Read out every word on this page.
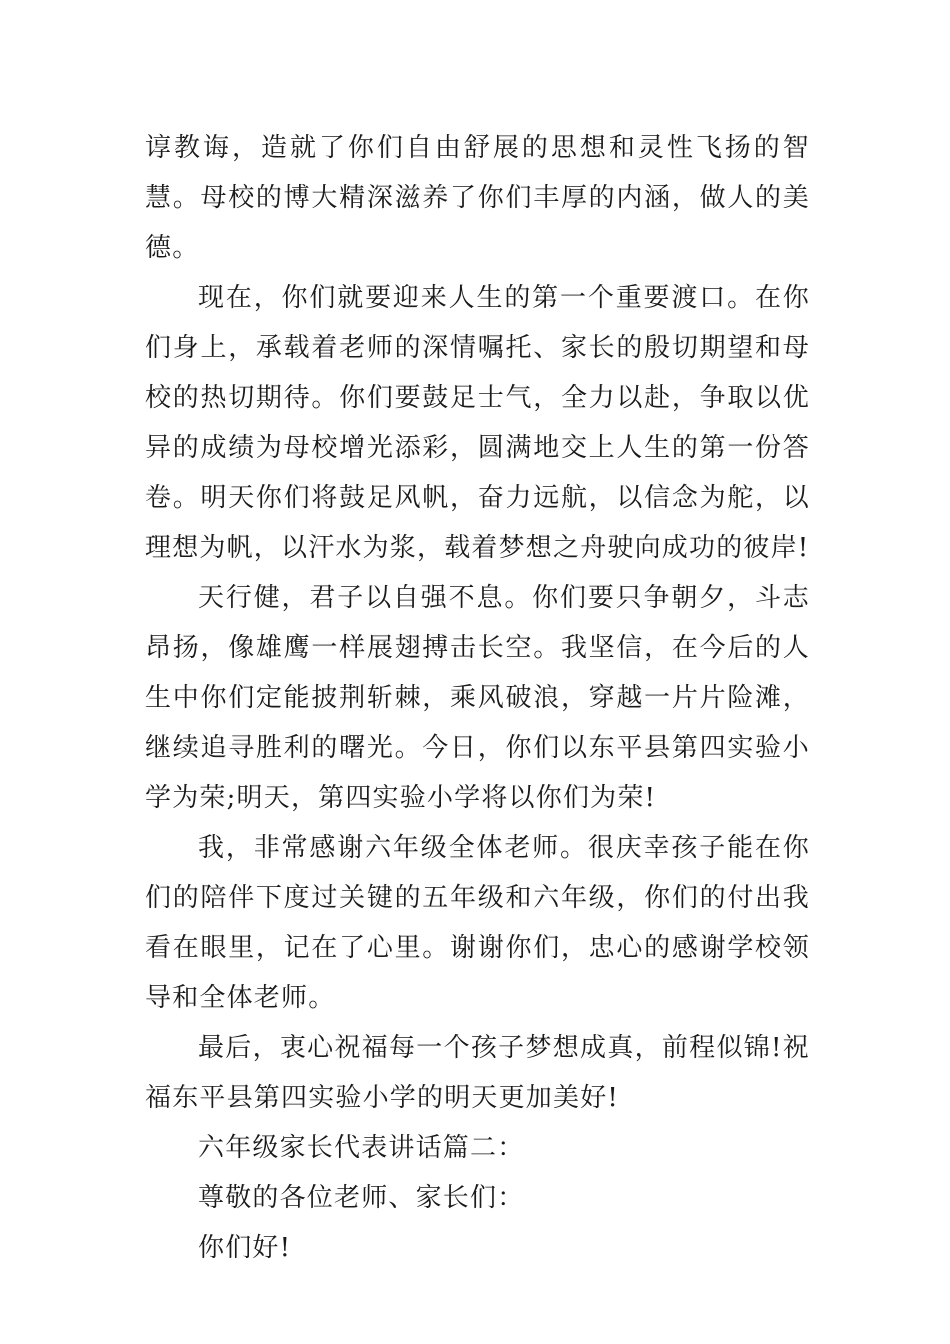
谆教诲，造就了你们自由舒展的思想和灵性飞扬的智慧。母校的博大精深滋养了你们丰厚的内涵，做人的美德。

现在，你们就要迎来人生的第一个重要渡口。在你们身上，承载着老师的深情嘱托、家长的殷切期望和母校的热切期待。你们要鼓足士气，全力以赴，争取以优异的成绩为母校增光添彩，圆满地交上人生的第一份答卷。明天你们将鼓足风帆，奋力远航，以信念为舵，以理想为帆，以汗水为浆，载着梦想之舟驶向成功的彼岸!

天行健，君子以自强不息。你们要只争朝夕，斗志昂扬，像雄鹰一样展翅搏击长空。我坚信，在今后的人生中你们定能披荆斩棘，乘风破浪，穿越一片片险滩，继续追寻胜利的曙光。今日，你们以东平县第四实验小学为荣;明天，第四实验小学将以你们为荣!

我，非常感谢六年级全体老师。很庆幸孩子能在你们的陪伴下度过关键的五年级和六年级，你们的付出我看在眼里，记在了心里。谢谢你们，忠心的感谢学校领导和全体老师。

最后，衷心祝福每一个孩子梦想成真，前程似锦!祝福东平县第四实验小学的明天更加美好!

六年级家长代表讲话篇二：

尊敬的各位老师、家长们：

你们好!
